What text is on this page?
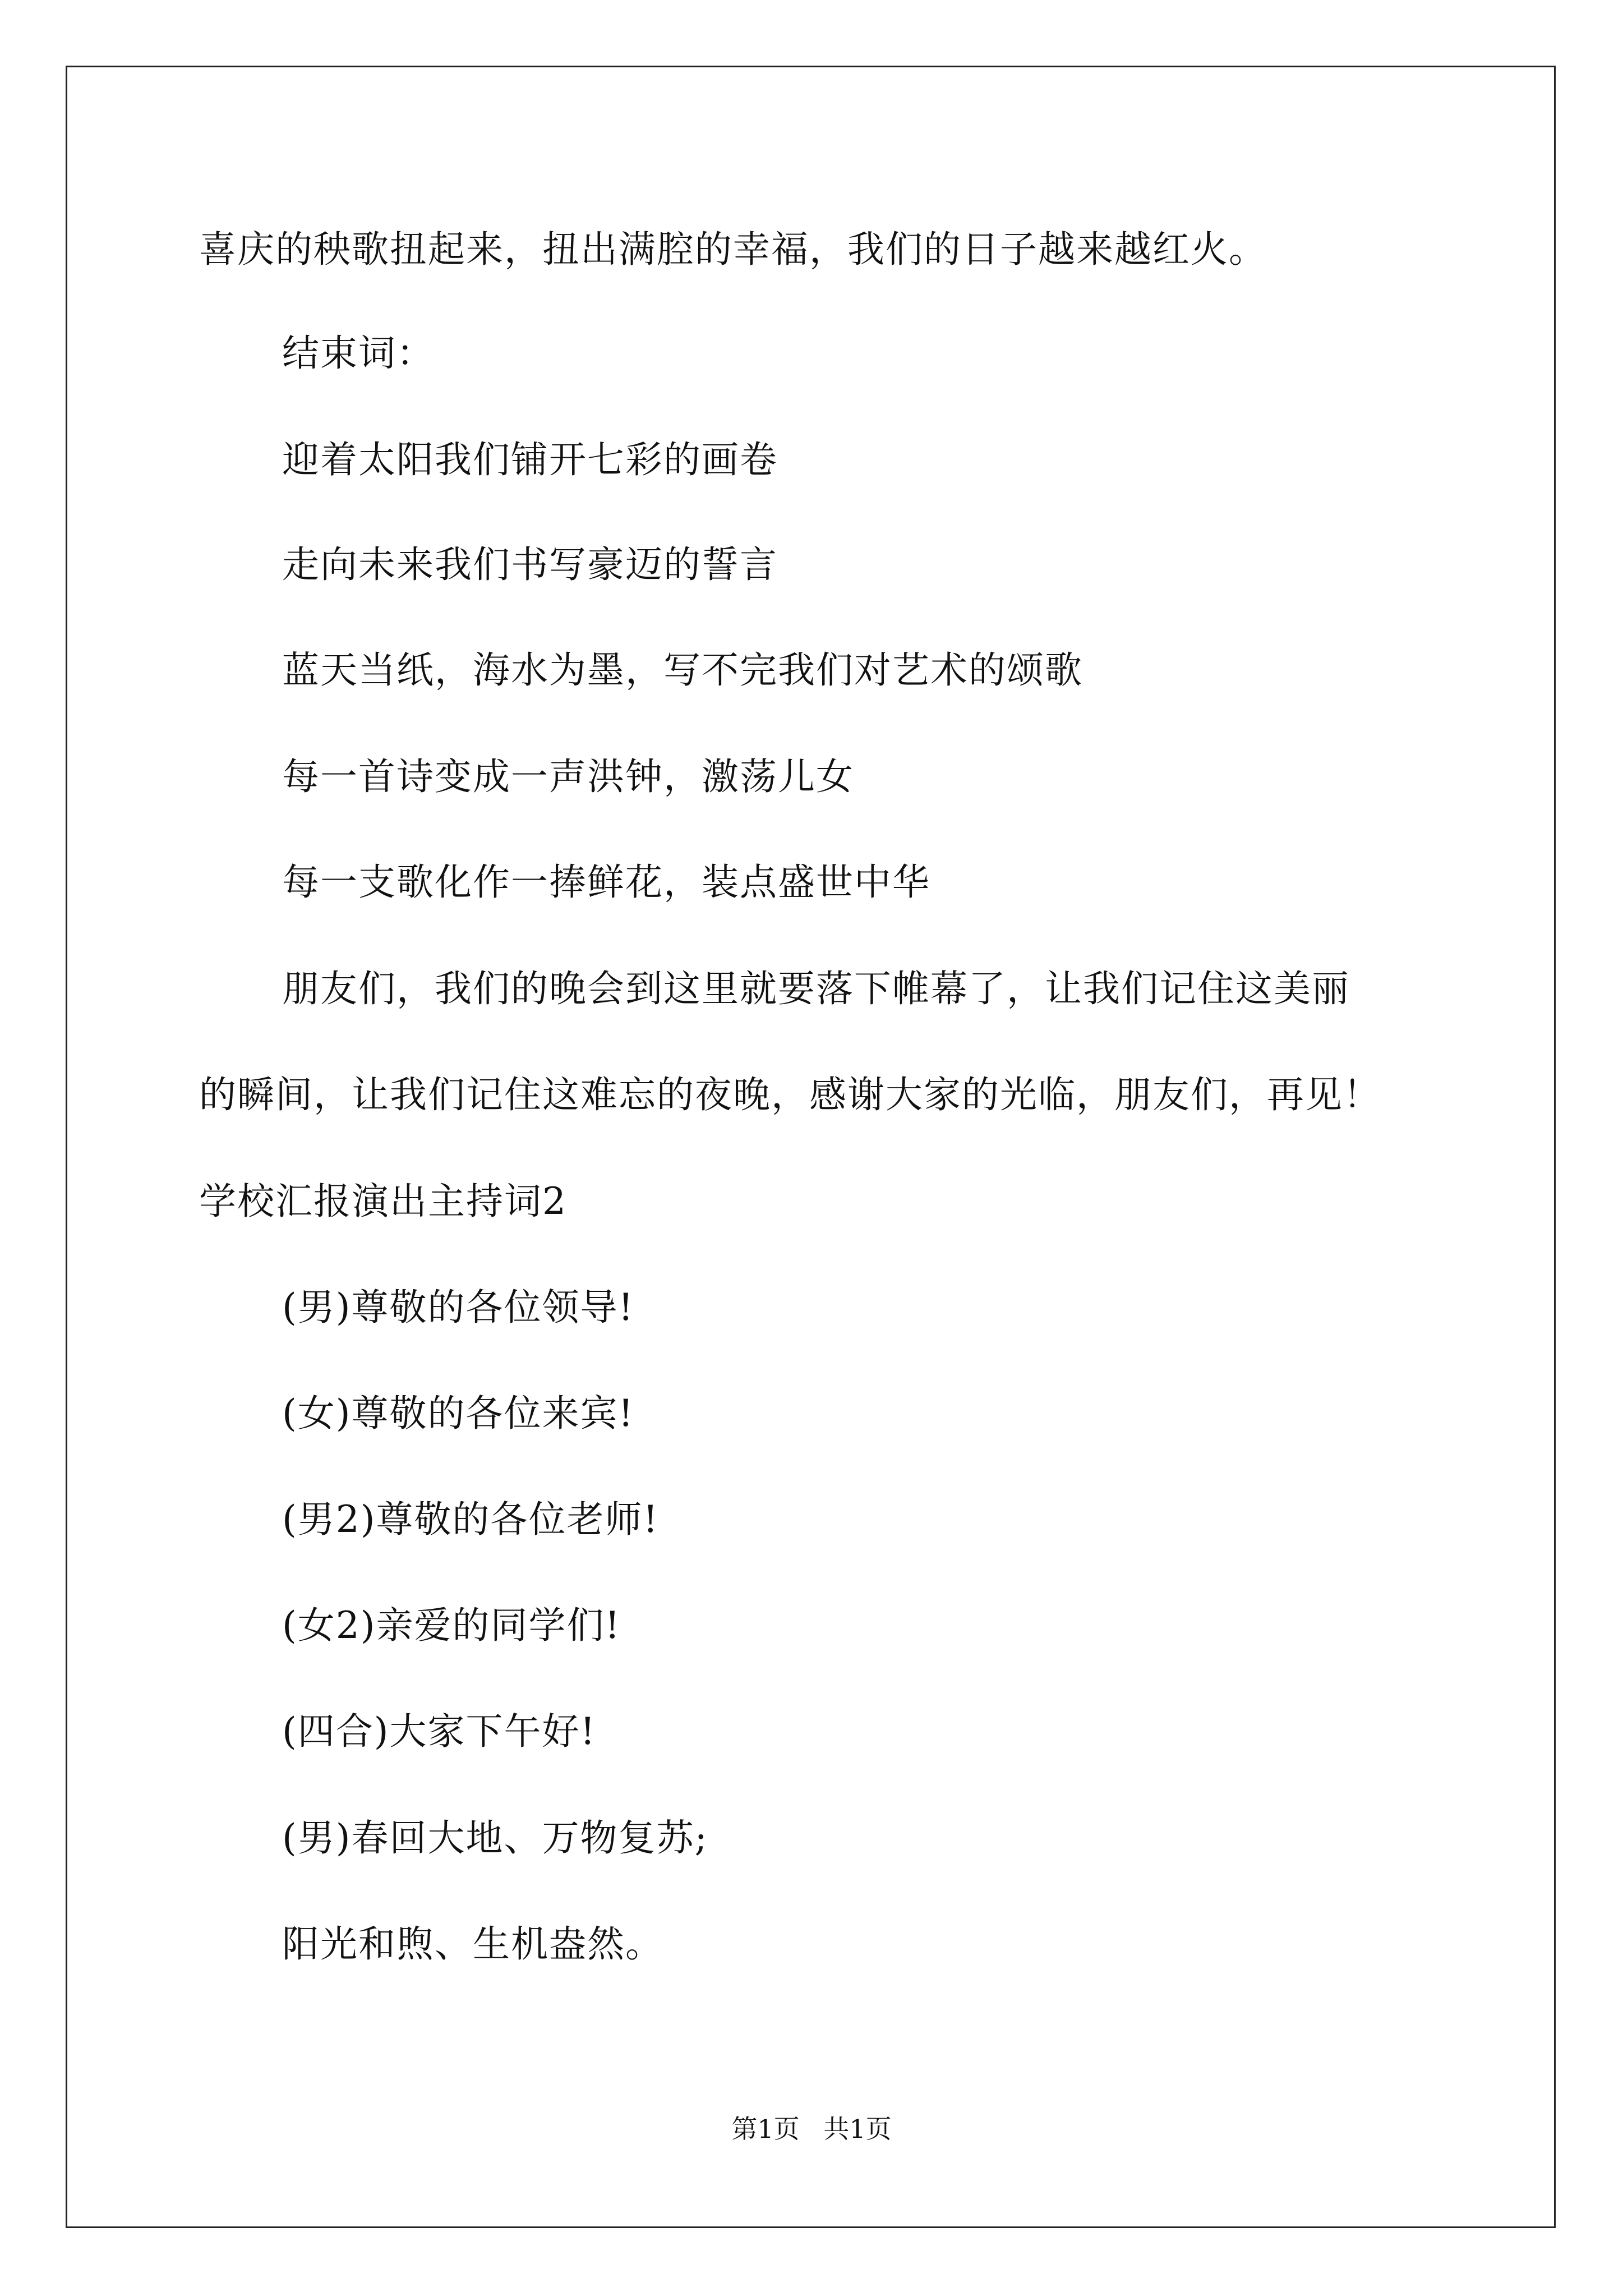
喜庆的秧歌扭起来，扭出满腔的幸福，我们的日子越来越红火。
结束词：
迎着太阳我们铺开七彩的画卷
走向未来我们书写豪迈的誓言
蓝天当纸，海水为墨，写不完我们对艺术的颂歌
每一首诗变成一声洪钟，激荡儿女
每一支歌化作一捧鲜花，装点盛世中华
朋友们，我们的晚会到这里就要落下帷幕了，让我们记住这美丽
的瞬间，让我们记住这难忘的夜晚，感谢大家的光临，朋友们，再见！
学校汇报演出主持词2
(男)尊敬的各位领导!
(女)尊敬的各位来宾!
(男2)尊敬的各位老师!
(女2)亲爱的同学们!
(四合)大家下午好!
(男)春回大地、万物复苏;
阳光和煦、生机盎然。
第1页 共1页
